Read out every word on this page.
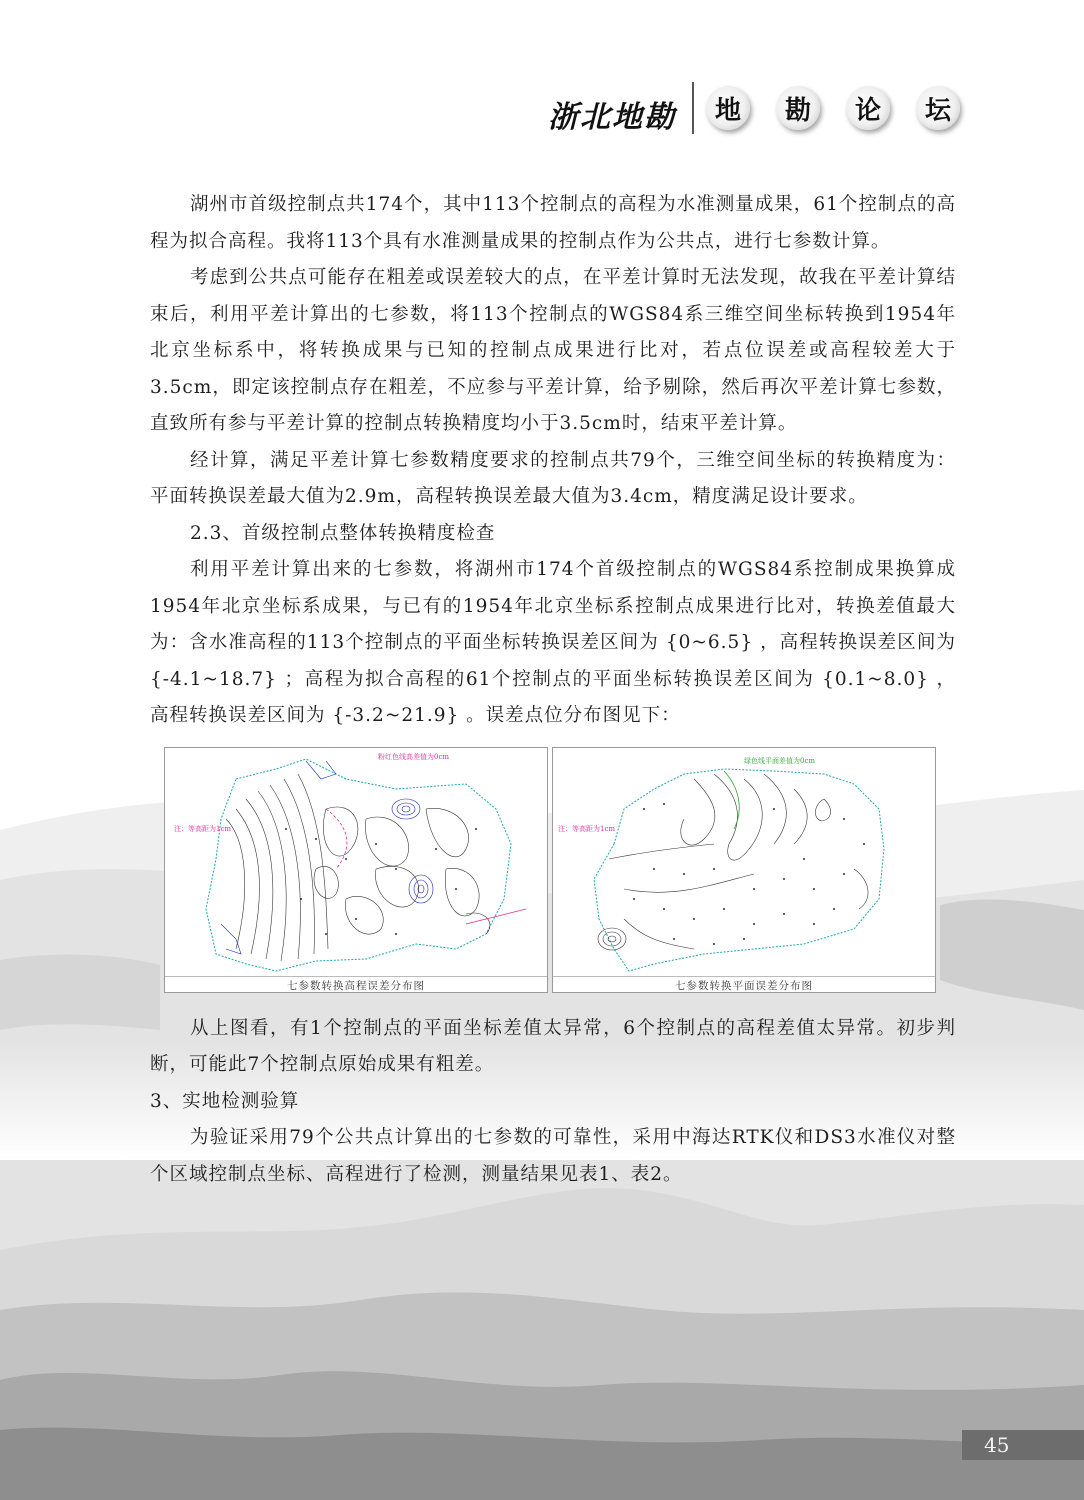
浙北地勘	地	勘	论	坛

湖州市首级控制点共174个，其中113个控制点的高程为水准测量成果，61个控制点的高程为拟合高程。我将113个具有水准测量成果的控制点作为公共点，进行七参数计算。

考虑到公共点可能存在粗差或误差较大的点，在平差计算时无法发现，故我在平差计算结束后，利用平差计算出的七参数，将113个控制点的WGS84系三维空间坐标转换到1954年北京坐标系中，将转换成果与已知的控制点成果进行比对，若点位误差或高程较差大于3.5cm，即定该控制点存在粗差，不应参与平差计算，给予剔除，然后再次平差计算七参数，直致所有参与平差计算的控制点转换精度均小于3.5cm时，结束平差计算。

经计算，满足平差计算七参数精度要求的控制点共79个，三维空间坐标的转换精度为：平面转换误差最大值为2.9m，高程转换误差最大值为3.4cm，精度满足设计要求。

2.3、首级控制点整体转换精度检查

利用平差计算出来的七参数，将湖州市174个首级控制点的WGS84系控制成果换算成1954年北京坐标系成果，与已有的1954年北京坐标系控制点成果进行比对，转换差值最大为：含水准高程的113个控制点的平面坐标转换误差区间为 {0~6.5} ，高程转换误差区间为 {-4.1~18.7} ；高程为拟合高程的61个控制点的平面坐标转换误差区间为 {0.1~8.0} ，高程转换误差区间为 {-3.2~21.9} 。误差点位分布图见下：

注：等高距为1cm
粉红色线高差值为0cm
七参数转换高程误差分布图
注：等高距为1cm
绿色线平面差值为0cm
七参数转换平面误差分布图

从上图看，有1个控制点的平面坐标差值太异常，6个控制点的高程差值太异常。初步判断，可能此7个控制点原始成果有粗差。

3、实地检测验算

为验证采用79个公共点计算出的七参数的可靠性，采用中海达RTK仪和DS3水准仪对整个区域控制点坐标、高程进行了检测，测量结果见表1、表2。

45
